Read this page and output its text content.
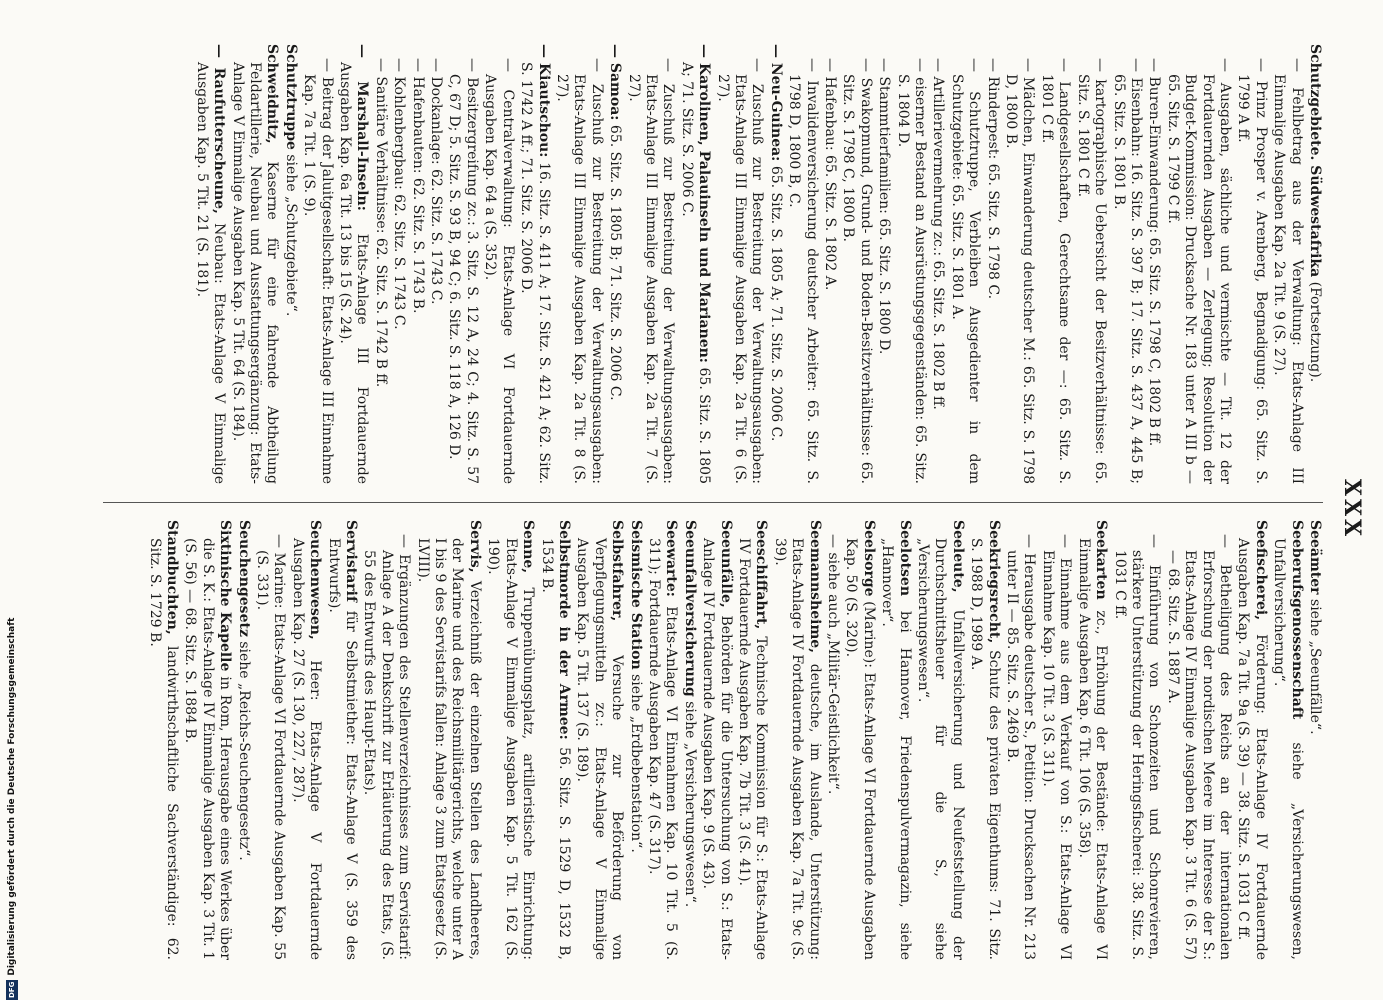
DFG
Digitalisierung gefördert durch die Deutsche Forschungsgemeinschaft
XXX

Schutzgebiete. Südwestafrika (Fortsetzung).

— Fehlbetrag aus der Verwaltung: Etats-Anlage III Einmalige Ausgaben Kap. 2a Tit. 9 (S. 27).

— Prinz Prosper v. Arenberg, Begnadigung: 65. Sitz. S. 1799 A ff.

— Ausgaben, sächliche und vermischte — Tit. 12 der Fortdauernden Ausgaben — Zerlegung; Resolution der Budget-Kommission: Drucksache Nr. 183 unter A III b — 65. Sitz. S. 1799 C ff.

— Buren-Einwanderung: 65. Sitz. S. 1798 C, 1802 B ff.

— Eisenbahn: 16. Sitz. S. 397 B; 17. Sitz. S. 437 A, 445 B; 65. Sitz. S. 1801 B.

— kartographische Uebersicht der Besitzverhältnisse: 65. Sitz. S. 1801 C ff.

— Landgesellschaften, Gerechtsame der —: 65. Sitz. S. 1801 C ff.

— Mädchen, Einwanderung deutscher M.: 65. Sitz. S. 1798 D, 1800 B.

— Rinderpest: 65. Sitz. S. 1798 C.

— Schutztruppe, Verbleiben Ausgedienter in dem Schutzgebiete: 65. Sitz. S. 1801 A.

— Artillerievermehrung zc.: 65. Sitz. S. 1802 B ff.

— eiserner Bestand an Ausrüstungsgegenständen: 65. Sitz. S. 1804 D.

— Stammtierfamilien: 65. Sitz. S. 1800 D.

— Swakopmund, Grund- und Boden-Besitzverhältnisse: 65. Sitz. S. 1798 C, 1800 B.

— Hafenbau: 65. Sitz. S. 1802 A.

— Invalidenversicherung deutscher Arbeiter: 65. Sitz. S. 1798 D, 1800 B, C.

— Neu-Guinea: 65. Sitz. S. 1805 A; 71. Sitz. S. 2006 C.

— Zuschuß zur Bestreitung der Verwaltungsausgaben: Etats-Anlage III Einmalige Ausgaben Kap. 2a Tit. 6 (S. 27).

— Karolinen, Palauinseln und Marianen: 65. Sitz. S. 1805 A; 71. Sitz. S. 2006 C.

— Zuschuß zur Bestreitung der Verwaltungsausgaben: Etats-Anlage III Einmalige Ausgaben Kap. 2a Tit. 7 (S. 27).

— Samoa: 65. Sitz. S. 1805 B; 71. Sitz. S. 2006 C.

— Zuschuß zur Bestreitung der Verwaltungsausgaben: Etats-Anlage III Einmalige Ausgaben Kap. 2a Tit. 8 (S. 27).

— Kiautschou: 16. Sitz. S. 411 A; 17. Sitz. S. 421 A; 62. Sitz. S. 1742 A ff.; 71. Sitz. S. 2006 D.

— Centralverwaltung: Etats-Anlage VI Fortdauernde Ausgaben Kap. 64 a (S. 352).

— Besitzergreifung zc.: 3. Sitz. S. 12 A, 24 C; 4. Sitz. S. 57 C, 67 D; 5. Sitz. S. 93 B, 94 C; 6. Sitz. S. 118 A, 126 D.

— Dockanlage: 62. Sitz. S. 1743 C.

— Hafenbauten: 62. Sitz. S. 1743 B.

— Kohlenbergbau: 62. Sitz. S. 1743 C.

— Sanitäre Verhältnisse: 62. Sitz. S. 1742 B ff.

— Marshall-Inseln: Etats-Anlage III Fortdauernde Ausgaben Kap. 6a Tit. 13 bis 15 (S. 24).

— Beitrag der Jaluitgesellschaft: Etats-Anlage III Einnahme Kap. 7a Tit. 1 (S. 9).

Schutztruppe siehe „Schutzgebiete“.

Schweidnitz, Kaserne für eine fahrende Abtheilung Feldartillerie, Neubau und Ausstattungsergänzung: Etats-Anlage V Einmalige Ausgaben Kap. 5 Tit. 64 (S. 184).

— Raufutterscheune, Neubau: Etats-Anlage V Einmalige Ausgaben Kap. 5 Tit. 21 (S. 181).

Seeämter siehe „Seeunfälle“.

Seeberufsgenossenschaft siehe „Versicherungswesen, Unfallversicherung“.

Seefischerei, Förderung: Etats-Anlage IV Fortdauernde Ausgaben Kap. 7a Tit. 9a (S. 39) — 38. Sitz. S. 1031 C ff.

— Betheiligung des Reichs an der internationalen Erforschung der nordischen Meere im Interesse der S.: Etats-Anlage IV Einmalige Ausgaben Kap. 3 Tit. 6 (S. 57) — 68. Sitz. S. 1887 A.

— Einführung von Schonzeiten und Schonrevieren, stärkere Unterstützung der Heringsfischerei: 38. Sitz. S. 1031 C ff.

Seekarten zc., Erhöhung der Bestände: Etats-Anlage VI Einmalige Ausgaben Kap. 6 Tit. 106 (S. 358).

— Einnahme aus dem Verkauf von S.: Etats-Anlage VI Einnahme Kap. 10 Tit. 3 (S. 311).

— Herausgabe deutscher S., Petition: Drucksachen Nr. 213 unter II — 85. Sitz. S. 2469 B.

Seekriegsrecht, Schutz des privaten Eigenthums: 71. Sitz. S. 1988 D, 1989 A.

Seeleute, Unfallversicherung und Neufeststellung der Durchschnittsheuer für die S., siehe „Versicherungswesen“.

Seelotsen bei Hannover, Friedenspulvermagazin, siehe „Hannover“.

Seelsorge (Marine): Etats-Anlage VI Fortdauernde Ausgaben Kap. 50 (S. 320).

— siehe auch „Militär-Geistlichkeit“.

Seemannsheime, deutsche, im Auslande, Unterstützung: Etats-Anlage IV Fortdauernde Ausgaben Kap. 7a Tit. 9c (S. 39).

Seeschiffahrt, Technische Kommission für S.: Etats-Anlage IV Fortdauernde Ausgaben Kap. 7b Tit. 3 (S. 41).

Seeunfälle, Behörden für die Untersuchung von S.: Etats-Anlage IV Fortdauernde Ausgaben Kap. 9 (S. 43).

Seeunfallversicherung siehe „Versicherungswesen“.

Seewarte: Etats-Anlage VI Einnahmen Kap. 10 Tit. 5 (S. 311); Fortdauernde Ausgaben Kap. 47 (S. 317).

Seismische Station siehe „Erdbebenstation“.

Selbstfahrer, Versuche zur Beförderung von Verpflegungsmitteln zc.: Etats-Anlage V Einmalige Ausgaben Kap. 5 Tit. 137 (S. 189).

Selbstmorde in der Armee: 56. Sitz. S. 1529 D, 1532 B, 1534 B.

Senne, Truppenübungsplatz, artilleristische Einrichtung: Etats-Anlage V Einmalige Ausgaben Kap. 5 Tit. 162 (S. 190).

Servis, Verzeichniß der einzelnen Stellen des Landheeres, der Marine und des Reichsmilitärgerichts, welche unter A I bis 9 des Servistarifs fallen: Anlage 3 zum Etatsgesetz (S. LVIII).

— Ergänzungen des Stellenverzeichnisses zum Servistarif: Anlage A der Denkschrift zur Erläuterung des Etats, (S. 55 des Entwurfs des Haupt-Etats).

Servistarif für Selbstmiether: Etats-Anlage V (S. 359 des Entwurfs).

Seuchenwesen, Heer: Etats-Anlage V Fortdauernde Ausgaben Kap. 27 (S. 130, 227, 287).

— Marine: Etats-Anlage VI Fortdauernde Ausgaben Kap. 55 (S. 331).

Seuchengesetz siehe „Reichs-Seuchengesetz“.

Sixtinische Kapelle in Rom, Herausgabe eines Werkes über die S. K.: Etats-Anlage IV Einmalige Ausgaben Kap. 3 Tit. 1 (S. 56) — 68. Sitz. S. 1884 B.

Standbuchten, landwirthschaftliche Sachverständige: 62. Sitz. S. 1729 B.
